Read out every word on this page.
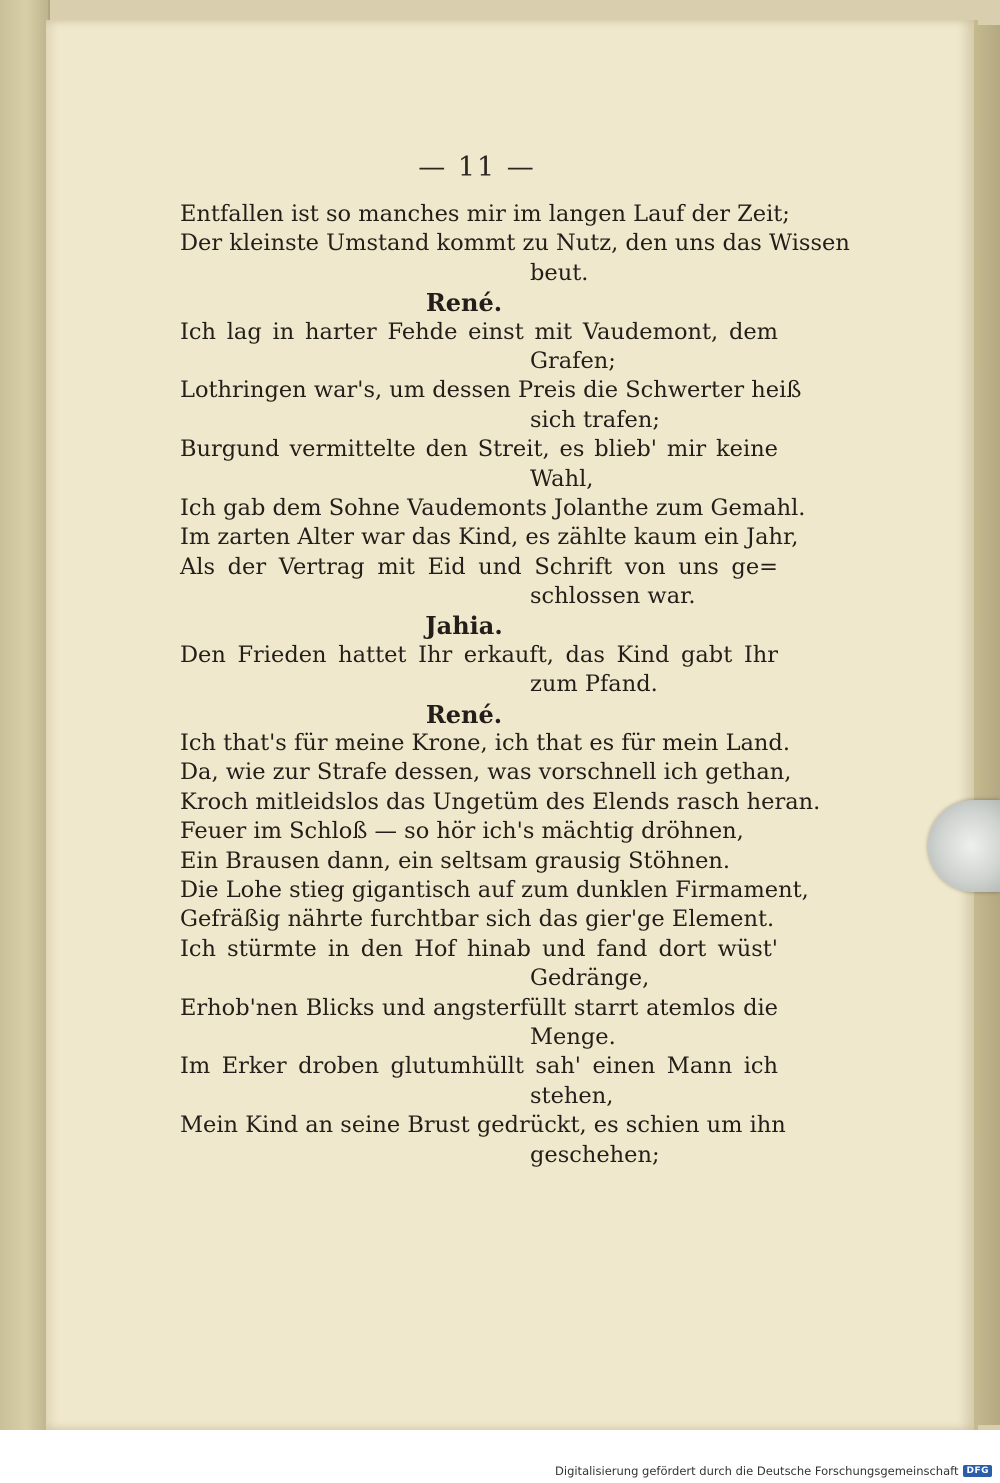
— 11 —
Entfallen ist so manches mir im langen Lauf der Zeit;
Der kleinste Umstand kommt zu Nutz, den uns das Wissen
beut.
René.
Ich lag in harter Fehde einst mit Vaudemont, dem
Grafen;
Lothringen war's, um dessen Preis die Schwerter heiß
sich trafen;
Burgund vermittelte den Streit, es blieb' mir keine
Wahl,
Ich gab dem Sohne Vaudemonts Jolanthe zum Gemahl.
Im zarten Alter war das Kind, es zählte kaum ein Jahr,
Als der Vertrag mit Eid und Schrift von uns ge=
schlossen war.
Jahia.
Den Frieden hattet Ihr erkauft, das Kind gabt Ihr
zum Pfand.
René.
Ich that's für meine Krone, ich that es für mein Land.
Da, wie zur Strafe dessen, was vorschnell ich gethan,
Kroch mitleidslos das Ungetüm des Elends rasch heran.
Feuer im Schloß — so hör ich's mächtig dröhnen,
Ein Brausen dann, ein seltsam grausig Stöhnen.
Die Lohe stieg gigantisch auf zum dunklen Firmament,
Gefräßig nährte furchtbar sich das gier'ge Element.
Ich stürmte in den Hof hinab und fand dort wüst'
Gedränge,
Erhob'nen Blicks und angsterfüllt starrt atemlos die
Menge.
Im Erker droben glutumhüllt sah' einen Mann ich
stehen,
Mein Kind an seine Brust gedrückt, es schien um ihn
geschehen;
Digitalisierung gefördert durch die Deutsche Forschungsgemeinschaft DFG
